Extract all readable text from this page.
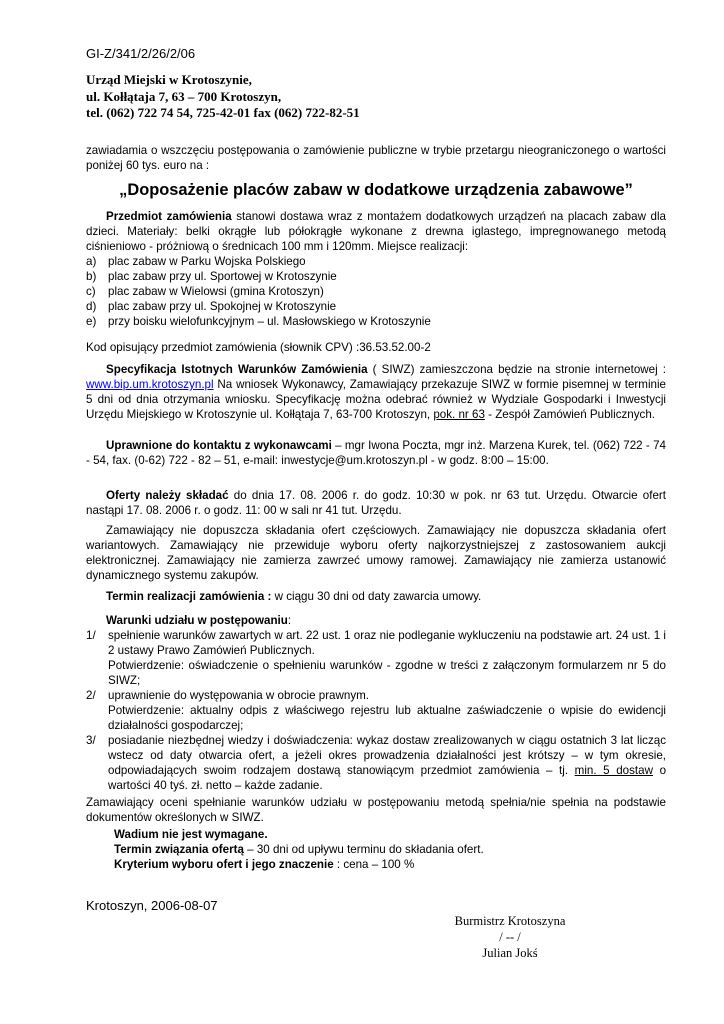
GI-Z/341/2/26/2/06
Urząd Miejski w Krotoszynie,
ul. Kołłątaja 7, 63 – 700 Krotoszyn,
tel. (062) 722 74 54, 725-42-01 fax (062) 722-82-51
zawiadamia o wszczęciu postępowania o zamówienie publiczne w trybie przetargu nieograniczonego o wartości poniżej 60 tys. euro na :
„Doposażenie placów zabaw w dodatkowe urządzenia zabawowe”

Przedmiot zamówienia stanowi dostawa wraz z montażem dodatkowych urządzeń na placach zabaw dla dzieci. Materiały: belki okrągłe lub półokrągłe wykonane z drewna iglastego, impregnowanego metodą ciśnieniowo - próżniową o średnicach 100 mm i 120mm. Miejsce realizacji:

a)	plac zabaw w Parku Wojska Polskiego
b)	plac zabaw przy ul. Sportowej w Krotoszynie
c)	plac zabaw w Wielowsi (gmina Krotoszyn)
d)	plac zabaw przy ul. Spokojnej w Krotoszynie
e)	przy boisku wielofunkcyjnym – ul. Masłowskiego w Krotoszynie
Kod opisujący przedmiot zamówienia (słownik CPV) :36.53.52.00-2

Specyfikacja Istotnych Warunków Zamówienia ( SIWZ) zamieszczona będzie na stronie internetowej : www.bip.um.krotoszyn.pl Na wniosek Wykonawcy, Zamawiający przekazuje SIWZ w formie pisemnej w terminie 5 dni od dnia otrzymania wniosku. Specyfikację można odebrać również w Wydziale Gospodarki i Inwestycji Urzędu Miejskiego w Krotoszynie ul. Kołłątaja 7, 63-700 Krotoszyn, pok. nr 63 - Zespół Zamówień Publicznych.

Uprawnione do kontaktu z wykonawcami – mgr Iwona Poczta, mgr inż. Marzena Kurek, tel. (062) 722 - 74 - 54, fax. (0-62) 722 - 82 – 51, e-mail: inwestycje@um.krotoszyn.pl - w godz. 8:00 – 15:00.

Oferty należy składać do dnia 17. 08. 2006 r. do godz. 10:30 w pok. nr 63 tut. Urzędu. Otwarcie ofert nastąpi 17. 08. 2006 r. o godz. 11: 00 w sali nr 41 tut. Urzędu.

Zamawiający nie dopuszcza składania ofert częściowych. Zamawiający nie dopuszcza składania ofert wariantowych. Zamawiający nie przewiduje wyboru oferty najkorzystniejszej z zastosowaniem aukcji elektronicznej. Zamawiający nie zamierza zawrzeć umowy ramowej. Zamawiający nie zamierza ustanowić dynamicznego systemu zakupów.

Termin realizacji zamówienia : w ciągu 30 dni od daty zawarcia umowy.

Warunki udziału w postępowaniu:

1/	spełnienie warunków zawartych w art. 22 ust. 1 oraz nie podleganie wykluczeniu na podstawie art. 24 ust. 1 i 2 ustawy Prawo Zamówień Publicznych.
Potwierdzenie: oświadczenie o spełnieniu warunków - zgodne w treści z załączonym formularzem nr 5 do SIWZ;
2/	uprawnienie do występowania w obrocie prawnym.
Potwierdzenie: aktualny odpis z właściwego rejestru lub aktualne zaświadczenie o wpisie do ewidencji działalności gospodarczej;
3/	posiadanie niezbędnej wiedzy i doświadczenia: wykaz dostaw zrealizowanych w ciągu ostatnich 3 lat licząc wstecz od daty otwarcia ofert, a jeżeli okres prowadzenia działalności jest krótszy – w tym okresie, odpowiadających swoim rodzajem dostawą stanowiącym przedmiot zamówienia – tj. min. 5 dostaw o wartości 40 tyś. zł. netto – każde zadanie.
Zamawiający oceni spełnianie warunków udziału w postępowaniu metodą spełnia/nie spełnia na podstawie dokumentów określonych w SIWZ.

Wadium nie jest wymagane.

Termin związania ofertą – 30 dni od upływu terminu do składania ofert.

Kryterium wyboru ofert i jego znaczenie : cena – 100 %

Krotoszyn, 2006-08-07
Burmistrz Krotoszyna
/ -- /
Julian Jokś
